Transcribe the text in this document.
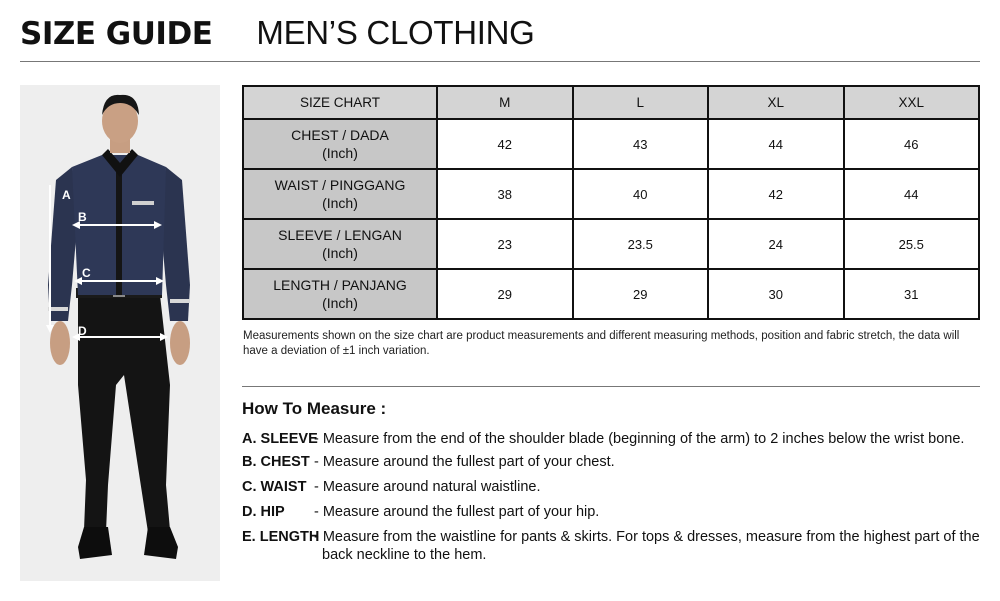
SIZE GUIDE MEN’S CLOTHING
A
B
C
D
SIZE CHART	M	L	XL	XXL

CHEST / DADA
(Inch)	42	43	44	46

WAIST / PINGGANG
(Inch)	38	40	42	44

SLEEVE / LENGAN
(Inch)	23	23.5	24	25.5

LENGTH / PANJANG
(Inch)	29	29	30	31
Measurements shown on the size chart are product measurements and different measuring methods, position and fabric stretch, the data will have a deviation of ±1 inch variation.
How To Measure :
A. SLEEVE
- Measure from the end of the shoulder blade (beginning of the arm) to 2 inches below the wrist bone.
B. CHEST - Measure around the fullest part of your chest.
C. WAIST - Measure around natural waistline.
D. HIP	- Measure around the fullest part of your hip.
E. LENGTH
- Measure from the waistline for pants & skirts. For tops & dresses, measure from the highest part of the back neckline to the hem.
